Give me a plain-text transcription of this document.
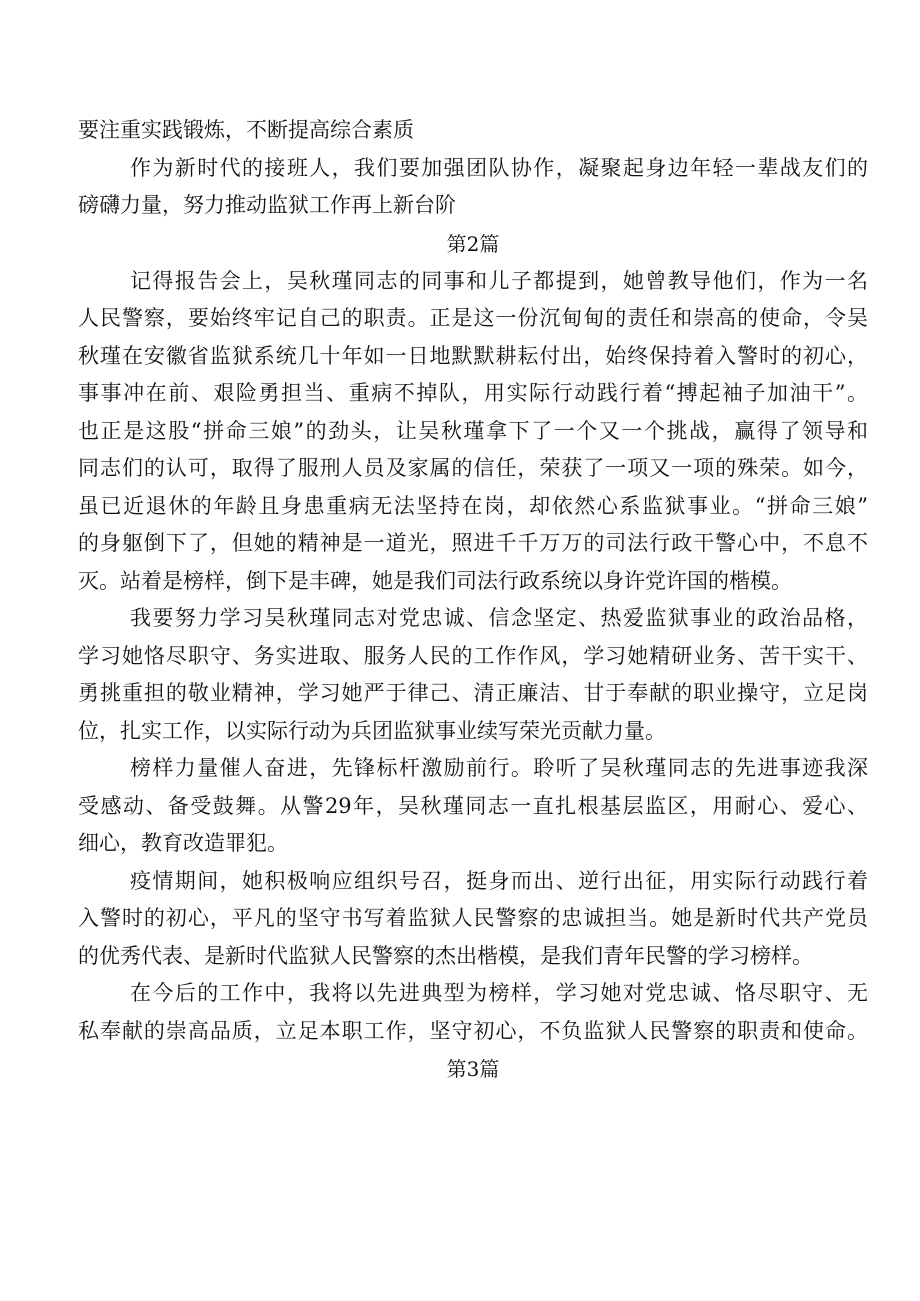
要注重实践锻炼，不断提高综合素质
作为新时代的接班人，我们要加强团队协作，凝聚起身边年轻一辈战友们的
磅礴力量，努力推动监狱工作再上新台阶
第2篇
记得报告会上，吴秋瑾同志的同事和儿子都提到，她曾教导他们，作为一名
人民警察，要始终牢记自己的职责。正是这一份沉甸甸的责任和崇高的使命，令吴
秋瑾在安徽省监狱系统几十年如一日地默默耕耘付出，始终保持着入警时的初心，
事事冲在前、艰险勇担当、重病不掉队，用实际行动践行着“搏起袖子加油干”。
也正是这股“拼命三娘”的劲头，让吴秋瑾拿下了一个又一个挑战，赢得了领导和
同志们的认可，取得了服刑人员及家属的信任，荣获了一项又一项的殊荣。如今，
虽已近退休的年龄且身患重病无法坚持在岗，却依然心系监狱事业。“拼命三娘”
的身躯倒下了，但她的精神是一道光，照进千千万万的司法行政干警心中，不息不
灭。站着是榜样，倒下是丰碑，她是我们司法行政系统以身许党许国的楷模。
我要努力学习吴秋瑾同志对党忠诚、信念坚定、热爱监狱事业的政治品格，
学习她恪尽职守、务实进取、服务人民的工作作风，学习她精研业务、苦干实干、
勇挑重担的敬业精神，学习她严于律己、清正廉洁、甘于奉献的职业操守，立足岗
位，扎实工作，以实际行动为兵团监狱事业续写荣光贡献力量。
榜样力量催人奋进，先锋标杆激励前行。聆听了吴秋瑾同志的先进事迹我深
受感动、备受鼓舞。从警29年，吴秋瑾同志一直扎根基层监区，用耐心、爱心、
细心，教育改造罪犯。
疫情期间，她积极响应组织号召，挺身而出、逆行出征，用实际行动践行着
入警时的初心，平凡的坚守书写着监狱人民警察的忠诚担当。她是新时代共产党员
的优秀代表、是新时代监狱人民警察的杰出楷模，是我们青年民警的学习榜样。
在今后的工作中，我将以先进典型为榜样，学习她对党忠诚、恪尽职守、无
私奉献的崇高品质，立足本职工作，坚守初心，不负监狱人民警察的职责和使命。
第3篇
